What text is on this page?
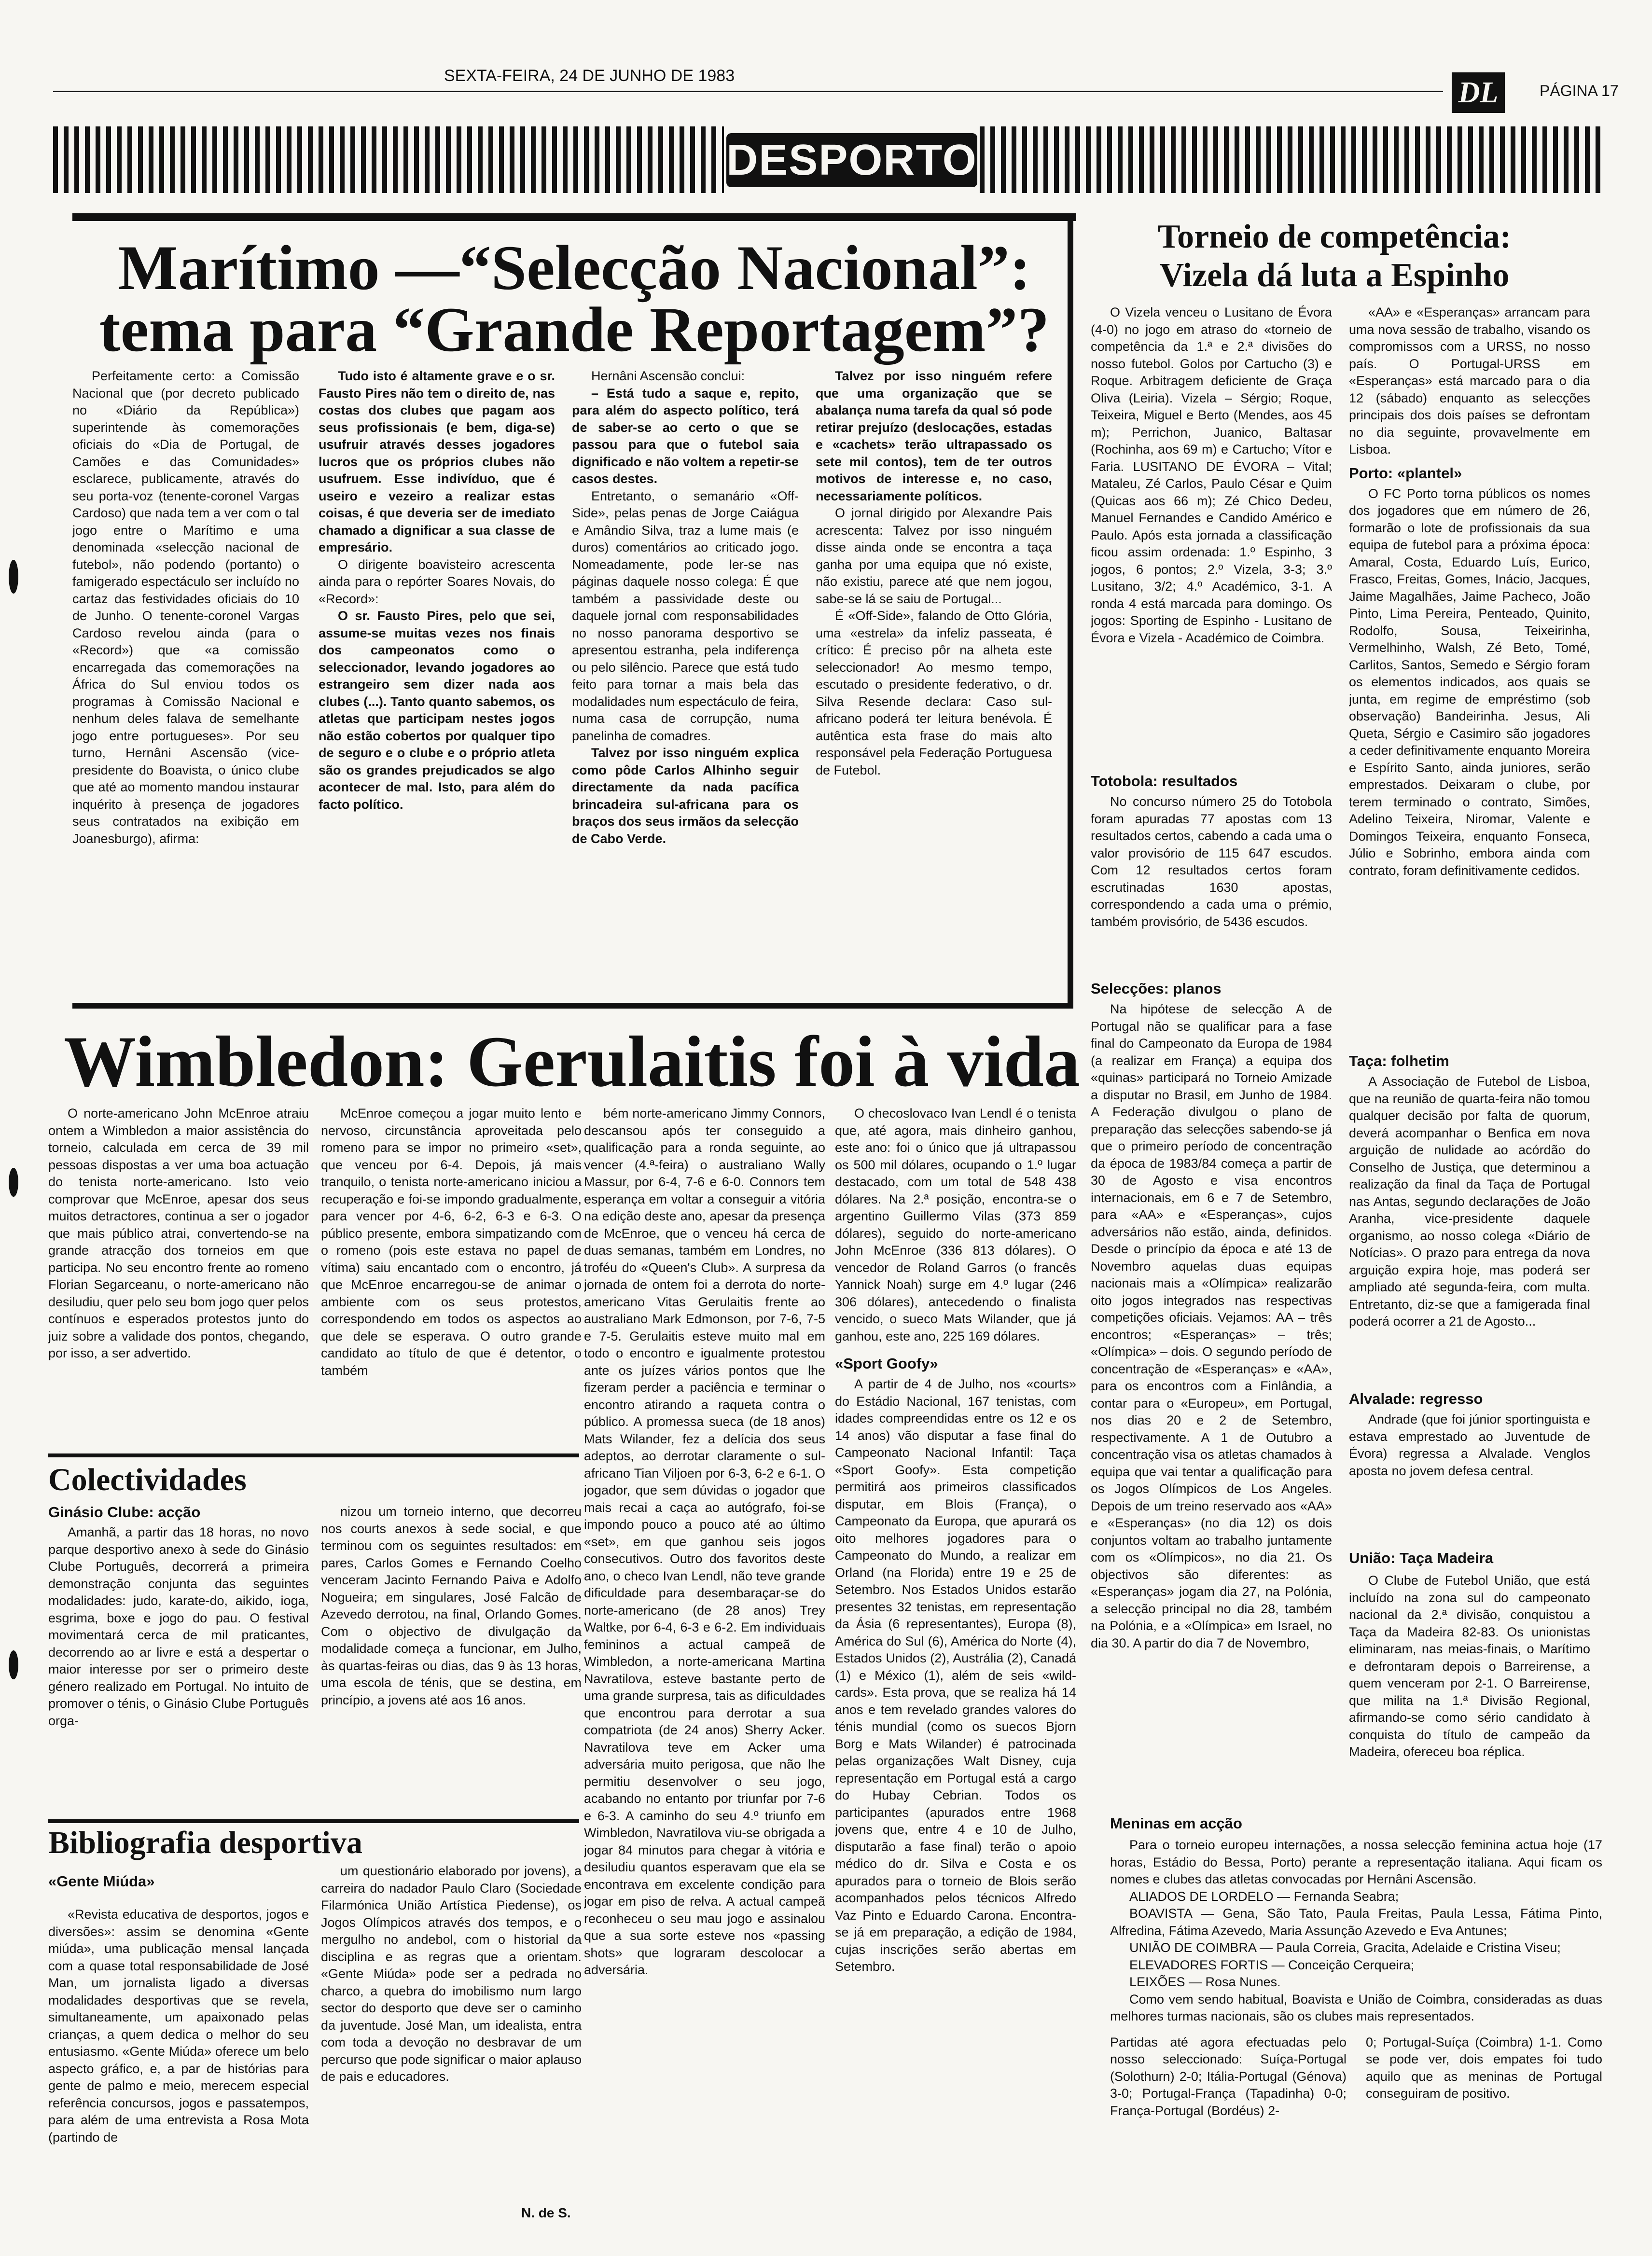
SEXTA-FEIRA, 24 DE JUNHO DE 1983
DL	PÁGINA 17
DESPORTO
Marítimo —“Selecção Nacional”:
tema para “Grande Reportagem”?

Perfeitamente certo: a Comissão Nacional que (por decreto publicado no «Diário da República») superintende às comemorações oficiais do «Dia de Portugal, de Camões e das Comunidades» esclarece, publicamente, através do seu porta-voz (tenente-coronel Vargas Cardoso) que nada tem a ver com o tal jogo entre o Marítimo e uma denominada «selecção nacional de futebol», não podendo (portanto) o famigerado espectáculo ser incluído no cartaz das festividades oficiais do 10 de Junho. O tenente-coronel Vargas Cardoso revelou ainda (para o «Record») que «a comissão encarregada das comemorações na África do Sul enviou todos os programas à Comissão Nacional e nenhum deles falava de semelhante jogo entre portugueses». Por seu turno, Hernâni Ascensão (vice-presidente do Boavista, o único clube que até ao momento mandou instaurar inquérito à presença de jogadores seus contratados na exibição em Joanesburgo), afirma:

Tudo isto é altamente grave e o sr. Fausto Pires não tem o direito de, nas costas dos clubes que pagam aos seus profissionais (e bem, diga-se) usufruir através desses jogadores lucros que os próprios clubes não usufruem. Esse indivíduo, que é useiro e vezeiro a realizar estas coisas, é que deveria ser de imediato chamado a dignificar a sua classe de empresário.

O dirigente boavisteiro acrescenta ainda para o repórter Soares Novais, do «Record»:

O sr. Fausto Pires, pelo que sei, assume-se muitas vezes nos finais dos campeonatos como o seleccionador, levando jogadores ao estrangeiro sem dizer nada aos clubes (...). Tanto quanto sabemos, os atletas que participam nestes jogos não estão cobertos por qualquer tipo de seguro e o clube e o próprio atleta são os grandes prejudicados se algo acontecer de mal. Isto, para além do facto político.

Hernâni Ascensão conclui:

– Está tudo a saque e, repito, para além do aspecto político, terá de saber-se ao certo o que se passou para que o futebol saia dignificado e não voltem a repetir-se casos destes.

Entretanto, o semanário «Off-Side», pelas penas de Jorge Caiágua e Amândio Silva, traz a lume mais (e duros) comentários ao criticado jogo. Nomeadamente, pode ler-se nas páginas daquele nosso colega: É que também a passividade deste ou daquele jornal com responsabilidades no nosso panorama desportivo se apresentou estranha, pela indiferença ou pelo silêncio. Parece que está tudo feito para tornar a mais bela das modalidades num espectáculo de feira, numa casa de corrupção, numa panelinha de comadres.

Talvez por isso ninguém explica como pôde Carlos Alhinho seguir directamente da nada pacífica brincadeira sul-africana para os braços dos seus irmãos da selecção de Cabo Verde.

Talvez por isso ninguém refere que uma organização que se abalança numa tarefa da qual só pode retirar prejuízo (deslocações, estadas e «cachets» terão ultrapassado os sete mil contos), tem de ter outros motivos de interesse e, no caso, necessariamente políticos.

O jornal dirigido por Alexandre Pais acrescenta: Talvez por isso ninguém disse ainda onde se encontra a taça ganha por uma equipa que nó existe, não existiu, parece até que nem jogou, sabe-se lá se saiu de Portugal...

É «Off-Side», falando de Otto Glória, uma «estrela» da infeliz passeata, é crítico: É preciso pôr na alheta este seleccionador! Ao mesmo tempo, escutado o presidente federativo, o dr. Silva Resende declara: Caso sul-africano poderá ter leitura benévola. É autêntica esta frase do mais alto responsável pela Federação Portuguesa de Futebol.

Torneio de competência:
Vizela dá luta a Espinho

O Vizela venceu o Lusitano de Évora (4-0) no jogo em atraso do «torneio de competência da 1.ª e 2.ª divisões do nosso futebol. Golos por Cartucho (3) e Roque. Arbitragem deficiente de Graça Oliva (Leiria). Vizela – Sérgio; Roque, Teixeira, Miguel e Berto (Mendes, aos 45 m); Perrichon, Juanico, Baltasar (Rochinha, aos 69 m) e Cartucho; Vítor e Faria. LUSITANO DE ÉVORA – Vital; Mataleu, Zé Carlos, Paulo César e Quim (Quicas aos 66 m); Zé Chico Dedeu, Manuel Fernandes e Candido Américo e Paulo. Após esta jornada a classificação ficou assim ordenada: 1.º Espinho, 3 jogos, 6 pontos; 2.º Vizela, 3-3; 3.º Lusitano, 3/2; 4.º Académico, 3-1. A ronda 4 está marcada para domingo. Os jogos: Sporting de Espinho - Lusitano de Évora e Vizela - Académico de Coimbra.

«AA» e «Esperanças» arrancam para uma nova sessão de trabalho, visando os compromissos com a URSS, no nosso país. O Portugal-URSS em «Esperanças» está marcado para o dia 12 (sábado) enquanto as selecções principais dos dois países se defrontam no dia seguinte, provavelmente em Lisboa.

Porto: «plantel»

O FC Porto torna públicos os nomes dos jogadores que em número de 26, formarão o lote de profissionais da sua equipa de futebol para a próxima época: Amaral, Costa, Eduardo Luís, Eurico, Frasco, Freitas, Gomes, Inácio, Jacques, Jaime Magalhães, Jaime Pacheco, João Pinto, Lima Pereira, Penteado, Quinito, Rodolfo, Sousa, Teixeirinha, Vermelhinho, Walsh, Zé Beto, Tomé, Carlitos, Santos, Semedo e Sérgio foram os elementos indicados, aos quais se junta, em regime de empréstimo (sob observação) Bandeirinha. Jesus, Ali Queta, Sérgio e Casimiro são jogadores a ceder definitivamente enquanto Moreira e Espírito Santo, ainda juniores, serão emprestados. Deixaram o clube, por terem terminado o contrato, Simões, Adelino Teixeira, Niromar, Valente e Domingos Teixeira, enquanto Fonseca, Júlio e Sobrinho, embora ainda com contrato, foram definitivamente cedidos.

Totobola: resultados

No concurso número 25 do Totobola foram apuradas 77 apostas com 13 resultados certos, cabendo a cada uma o valor provisório de 115 647 escudos. Com 12 resultados certos foram escrutinadas 1630 apostas, correspondendo a cada uma o prémio, também provisório, de 5436 escudos.

Selecções: planos

Na hipótese de selecção A de Portugal não se qualificar para a fase final do Campeonato da Europa de 1984 (a realizar em França) a equipa dos «quinas» participará no Torneio Amizade a disputar no Brasil, em Junho de 1984. A Federação divulgou o plano de preparação das selecções sabendo-se já que o primeiro período de concentração da época de 1983/84 começa a partir de 30 de Agosto e visa encontros internacionais, em 6 e 7 de Setembro, para «AA» e «Esperanças», cujos adversários não estão, ainda, definidos. Desde o princípio da época e até 13 de Novembro aquelas duas equipas nacionais mais a «Olímpica» realizarão oito jogos integrados nas respectivas competições oficiais. Vejamos: AA – três encontros; «Esperanças» – três; «Olímpica» – dois. O segundo período de concentração de «Esperanças» e «AA», para os encontros com a Finlândia, a contar para o «Europeu», em Portugal, nos dias 20 e 2 de Setembro, respectivamente. A 1 de Outubro a concentração visa os atletas chamados à equipa que vai tentar a qualificação para os Jogos Olímpicos de Los Angeles. Depois de um treino reservado aos «AA» e «Esperanças» (no dia 12) os dois conjuntos voltam ao trabalho juntamente com os «Olímpicos», no dia 21. Os objectivos são diferentes: as «Esperanças» jogam dia 27, na Polónia, a selecção principal no dia 28, também na Polónia, e a «Olímpica» em Israel, no dia 30. A partir do dia 7 de Novembro,

Taça: folhetim

A Associação de Futebol de Lisboa, que na reunião de quarta-feira não tomou qualquer decisão por falta de quorum, deverá acompanhar o Benfica em nova arguição de nulidade ao acórdão do Conselho de Justiça, que determinou a realização da final da Taça de Portugal nas Antas, segundo declarações de João Aranha, vice-presidente daquele organismo, ao nosso colega «Diário de Notícias». O prazo para entrega da nova arguição expira hoje, mas poderá ser ampliado até segunda-feira, com multa. Entretanto, diz-se que a famigerada final poderá ocorrer a 21 de Agosto...

Alvalade: regresso

Andrade (que foi júnior sportinguista e estava emprestado ao Juventude de Évora) regressa a Alvalade. Venglos aposta no jovem defesa central.

União: Taça Madeira

O Clube de Futebol União, que está incluído na zona sul do campeonato nacional da 2.ª divisão, conquistou a Taça da Madeira 82-83. Os unionistas eliminaram, nas meias-finais, o Marítimo e defrontaram depois o Barreirense, a quem venceram por 2-1. O Barreirense, que milita na 1.ª Divisão Regional, afirmando-se como sério candidato à conquista do título de campeão da Madeira, ofereceu boa réplica.

Meninas em acção

Para o torneio europeu internações, a nossa selecção feminina actua hoje (17 horas, Estádio do Bessa, Porto) perante a representação italiana. Aqui ficam os nomes e clubes das atletas convocadas por Hernâni Ascensão.

ALIADOS DE LORDELO — Fernanda Seabra;
BOAVISTA — Gena, São Tato, Paula Freitas, Paula Lessa, Fátima Pinto, Alfredina, Fátima Azevedo, Maria Assunção Azevedo e Eva Antunes;
UNIÃO DE COIMBRA — Paula Correia, Gracita, Adelaide e Cristina Viseu;
ELEVADORES FORTIS — Conceição Cerqueira;
LEIXÕES — Rosa Nunes.

Como vem sendo habitual, Boavista e União de Coimbra, consideradas as duas melhores turmas nacionais, são os clubes mais representados.

Partidas até agora efectuadas pelo nosso seleccionado: Suíça-Portugal (Solothurn) 2-0; Itália-Portugal (Génova) 3-0; Portugal-França (Tapadinha) 0-0; França-Portugal (Bordéus) 2-
0; Portugal-Suíça (Coimbra) 1-1. Como se pode ver, dois empates foi tudo aquilo que as meninas de Portugal conseguiram de positivo.
Wimbledon: Gerulaitis foi à vida

O norte-americano John McEnroe atraiu ontem a Wimbledon a maior assistência do torneio, calculada em cerca de 39 mil pessoas dispostas a ver uma boa actuação do tenista norte-americano. Isto veio comprovar que McEnroe, apesar dos seus muitos detractores, continua a ser o jogador que mais público atrai, convertendo-se na grande atracção dos torneios em que participa. No seu encontro frente ao romeno Florian Segarceanu, o norte-americano não desiludiu, quer pelo seu bom jogo quer pelos contínuos e esperados protestos junto do juiz sobre a validade dos pontos, chegando, por isso, a ser advertido.

McEnroe começou a jogar muito lento e nervoso, circunstância aproveitada pelo romeno para se impor no primeiro «set», que venceu por 6-4. Depois, já mais tranquilo, o tenista norte-americano iniciou a recuperação e foi-se impondo gradualmente, para vencer por 4-6, 6-2, 6-3 e 6-3. O público presente, embora simpatizando com o romeno (pois este estava no papel de vítima) saiu encantado com o encontro, já que McEnroe encarregou-se de animar o ambiente com os seus protestos, correspondendo em todos os aspectos ao que dele se esperava. O outro grande candidato ao título de que é detentor, o também

bém norte-americano Jimmy Connors, descansou após ter conseguido a qualificação para a ronda seguinte, ao vencer (4.ª-feira) o australiano Wally Massur, por 6-4, 7-6 e 6-0. Connors tem esperança em voltar a conseguir a vitória na edição deste ano, apesar da presença de McEnroe, que o venceu há cerca de duas semanas, também em Londres, no troféu do «Queen's Club». A surpresa da jornada de ontem foi a derrota do norte-americano Vitas Gerulaitis frente ao australiano Mark Edmonson, por 7-6, 7-5 e 7-5. Gerulaitis esteve muito mal em todo o encontro e igualmente protestou ante os juízes vários pontos que lhe fizeram perder a paciência e terminar o encontro atirando a raqueta contra o público. A promessa sueca (de 18 anos) Mats Wilander, fez a delícia dos seus adeptos, ao derrotar claramente o sul-africano Tian Viljoen por 6-3, 6-2 e 6-1. O jogador, que sem dúvidas o jogador que mais recai a caça ao autógrafo, foi-se impondo pouco a pouco até ao último «set», em que ganhou seis jogos consecutivos. Outro dos favoritos deste ano, o checo Ivan Lendl, não teve grande dificuldade para desembaraçar-se do norte-americano (de 28 anos) Trey Waltke, por 6-4, 6-3 e 6-2. Em individuais femininos a actual campeã de Wimbledon, a norte-americana Martina Navratilova, esteve bastante perto de uma grande surpresa, tais as dificuldades que encontrou para derrotar a sua compatriota (de 24 anos) Sherry Acker. Navratilova teve em Acker uma adversária muito perigosa, que não lhe permitiu desenvolver o seu jogo, acabando no entanto por triunfar por 7-6 e 6-3. A caminho do seu 4.º triunfo em Wimbledon, Navratilova viu-se obrigada a jogar 84 minutos para chegar à vitória e desiludiu quantos esperavam que ela se encontrava em excelente condição para jogar em piso de relva. A actual campeã reconheceu o seu mau jogo e assinalou que a sua sorte esteve nos «passing shots» que lograram descolocar a adversária.

O checoslovaco Ivan Lendl é o tenista que, até agora, mais dinheiro ganhou, este ano: foi o único que já ultrapassou os 500 mil dólares, ocupando o 1.º lugar destacado, com um total de 548 438 dólares. Na 2.ª posição, encontra-se o argentino Guillermo Vilas (373 859 dólares), seguido do norte-americano John McEnroe (336 813 dólares). O vencedor de Roland Garros (o francês Yannick Noah) surge em 4.º lugar (246 306 dólares), antecedendo o finalista vencido, o sueco Mats Wilander, que já ganhou, este ano, 225 169 dólares.

«Sport Goofy»

A partir de 4 de Julho, nos «courts» do Estádio Nacional, 167 tenistas, com idades compreendidas entre os 12 e os 14 anos) vão disputar a fase final do Campeonato Nacional Infantil: Taça «Sport Goofy». Esta competição permitirá aos primeiros classificados disputar, em Blois (França), o Campeonato da Europa, que apurará os oito melhores jogadores para o Campeonato do Mundo, a realizar em Orland (na Florida) entre 19 e 25 de Setembro. Nos Estados Unidos estarão presentes 32 tenistas, em representação da Ásia (6 representantes), Europa (8), América do Sul (6), América do Norte (4), Estados Unidos (2), Austrália (2), Canadá (1) e México (1), além de seis «wild-cards». Esta prova, que se realiza há 14 anos e tem revelado grandes valores do ténis mundial (como os suecos Bjorn Borg e Mats Wilander) é patrocinada pelas organizações Walt Disney, cuja representação em Portugal está a cargo do Hubay Cebrian. Todos os participantes (apurados entre 1968 jovens que, entre 4 e 10 de Julho, disputarão a fase final) terão o apoio médico do dr. Silva e Costa e os apurados para o torneio de Blois serão acompanhados pelos técnicos Alfredo Vaz Pinto e Eduardo Carona. Encontra-se já em preparação, a edição de 1984, cujas inscrições serão abertas em Setembro.

Colectividades
Ginásio Clube: acção

Amanhã, a partir das 18 horas, no novo parque desportivo anexo à sede do Ginásio Clube Português, decorrerá a primeira demonstração conjunta das seguintes modalidades: judo, karate-do, aikido, ioga, esgrima, boxe e jogo do pau. O festival movimentará cerca de mil praticantes, decorrendo ao ar livre e está a despertar o maior interesse por ser o primeiro deste género realizado em Portugal. No intuito de promover o ténis, o Ginásio Clube Português orga-

nizou um torneio interno, que decorreu nos courts anexos à sede social, e que terminou com os seguintes resultados: em pares, Carlos Gomes e Fernando Coelho venceram Jacinto Fernando Paiva e Adolfo Nogueira; em singulares, José Falcão de Azevedo derrotou, na final, Orlando Gomes. Com o objectivo de divulgação da modalidade começa a funcionar, em Julho, às quartas-feiras ou dias, das 9 às 13 horas, uma escola de ténis, que se destina, em princípio, a jovens até aos 16 anos.

Bibliografia desportiva
«Gente Miúda»

«Revista educativa de desportos, jogos e diversões»: assim se denomina «Gente miúda», uma publicação mensal lançada com a quase total responsabilidade de José Man, um jornalista ligado a diversas modalidades desportivas que se revela, simultaneamente, um apaixonado pelas crianças, a quem dedica o melhor do seu entusiasmo. «Gente Miúda» oferece um belo aspecto gráfico, e, a par de histórias para gente de palmo e meio, merecem especial referência concursos, jogos e passatempos, para além de uma entrevista a Rosa Mota (partindo de

um questionário elaborado por jovens), a carreira do nadador Paulo Claro (Sociedade Filarmónica União Artística Piedense), os Jogos Olímpicos através dos tempos, e o mergulho no andebol, com o historial da disciplina e as regras que a orientam. «Gente Miúda» pode ser a pedrada no charco, a quebra do imobilismo num largo sector do desporto que deve ser o caminho da juventude. José Man, um idealista, entra com toda a devoção no desbravar de um percurso que pode significar o maior aplauso de pais e educadores.

N. de S.
